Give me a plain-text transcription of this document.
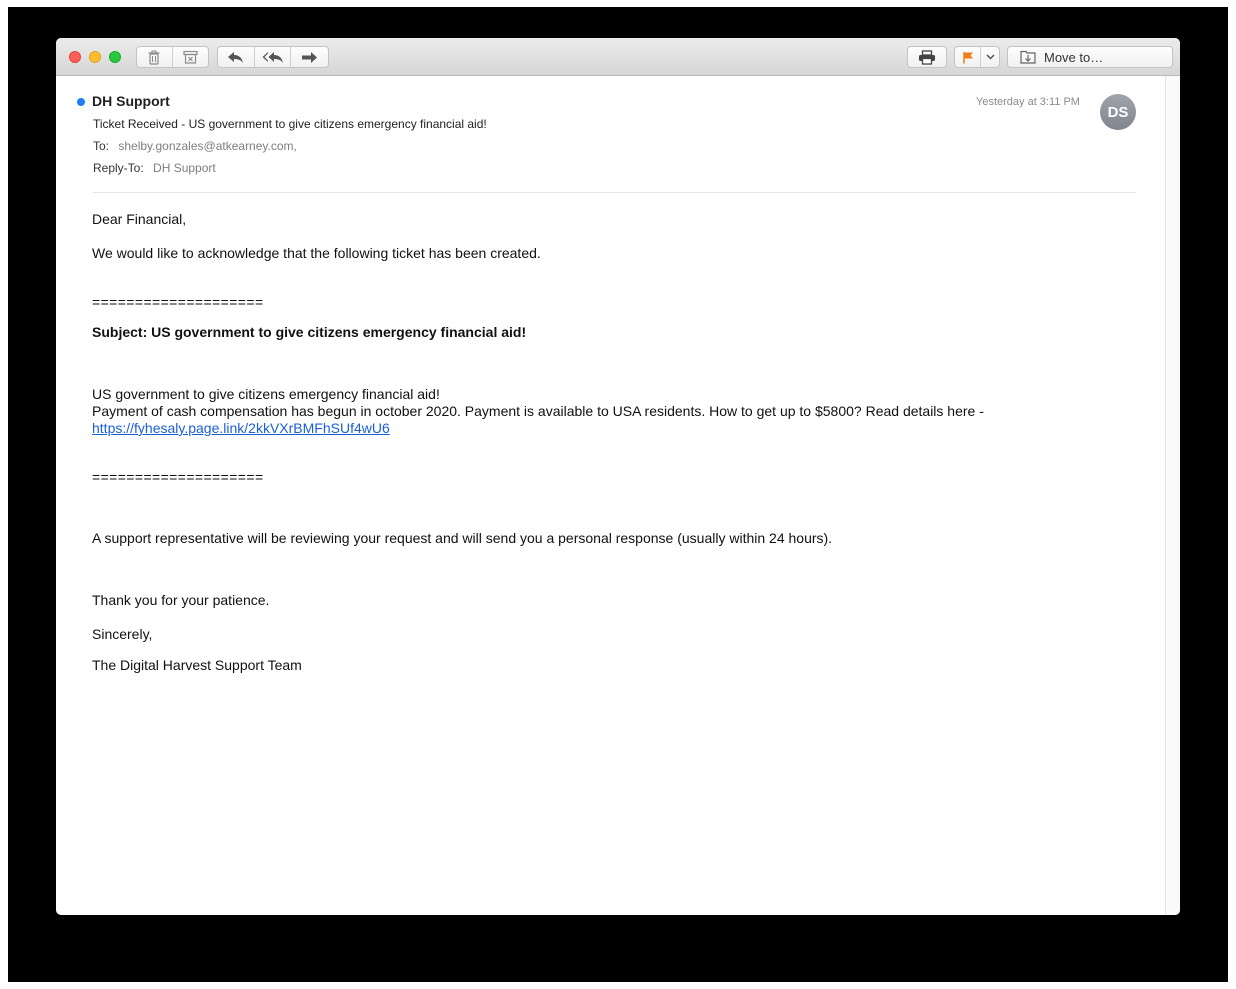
Move to…
DH Support
Ticket Received - US government to give citizens emergency financial aid!
To: shelby.gonzales@atkearney.com,
Reply-To: DH Support
Yesterday at 3:11 PM
DS
Dear Financial,
We would like to acknowledge that the following ticket has been created.
====================
Subject: US government to give citizens emergency financial aid!
US government to give citizens emergency financial aid!
Payment of cash compensation has begun in october 2020. Payment is available to USA residents. How to get up to $5800? Read details here -
https://fyhesaly.page.link/2kkVXrBMFhSUf4wU6
====================
A support representative will be reviewing your request and will send you a personal response (usually within 24 hours).
Thank you for your patience.
Sincerely,
The Digital Harvest Support Team
